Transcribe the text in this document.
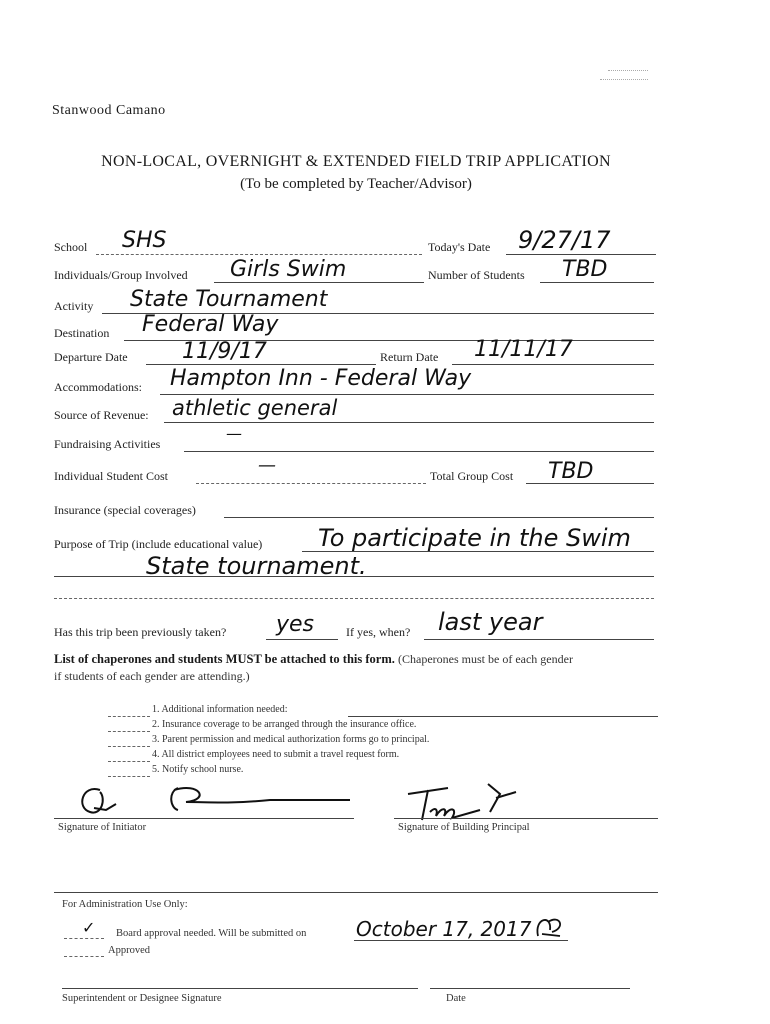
Stanwood Camano
NON-LOCAL, OVERNIGHT & EXTENDED FIELD TRIP APPLICATION
(To be completed by Teacher/Advisor)
School SHS	Today's Date 9/27/17
Individuals/Group Involved Girls Swim	Number of Students TBD
Activity State Tournament
Destination Federal Way
Departure Date 11/9/17	Return Date 11/11/17
Accommodations: Hampton Inn - Federal Way
Source of Revenue: athletic general
Fundraising Activities
—
Individual Student Cost	—	Total Group Cost TBD
Insurance (special coverages)
Purpose of Trip (include educational value) To participate in the Swim
State tournament.
Has this trip been previously taken? yes	If yes, when? last year
List of chaperones and students MUST be attached to this form. (Chaperones must be of each gender
if students of each gender are attending.)
1. Additional information needed:
2. Insurance coverage to be arranged through the insurance office.
3. Parent permission and medical authorization forms go to principal.
4. All district employees need to submit a travel request form.
5. Notify school nurse.
Signature of Initiator	Signature of Building Principal
For Administration Use Only:
✓ Board approval needed. Will be submitted on October 17, 2017
Approved
Superintendent or Designee Signature	Date
